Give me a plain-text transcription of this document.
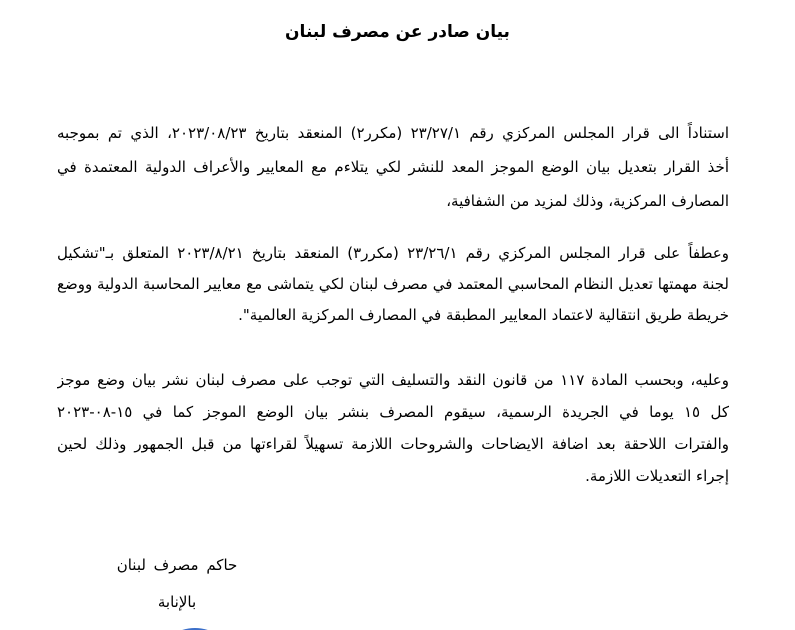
بيان صادر عن مصرف لبنان
استناداً الى قرار المجلس المركزي رقم ٢٣/٢٧/١ (مكرر٢) المنعقد بتاريخ ٢٠٢٣/٠٨/٢٣، الذي تم بموجبه
أخذ القرار بتعديل بيان الوضع الموجز المعد للنشر لكي يتلاءم مع المعايير والأعراف الدولية المعتمدة في
المصارف المركزية، وذلك لمزيد من الشفافية،
وعطفاً على قرار المجلس المركزي رقم ٢٣/٢٦/١ (مكرر٣) المنعقد بتاريخ ٢٠٢٣/٨/٢١ المتعلق بـ"تشكيل
لجنة مهمتها تعديل النظام المحاسبي المعتمد في مصرف لبنان لكي يتماشى مع معايير المحاسبة الدولية ووضع
خريطة طريق انتقالية لاعتماد المعايير المطبقة في المصارف المركزية العالمية".
وعليه، وبحسب المادة ١١٧ من قانون النقد والتسليف التي توجب على مصرف لبنان نشر بيان وضع موجز
كل ١٥ يوما في الجريدة الرسمية، سيقوم المصرف بنشر بيان الوضع الموجز كما في ١٥-٠٨-٢٠٢٣
والفترات اللاحقة بعد اضافة الايضاحات والشروحات اللازمة تسهيلاً لقراءتها من قبل الجمهور وذلك لحين
إجراء التعديلات اللازمة.
حاكم مصرف لبنان
بالإنابة
